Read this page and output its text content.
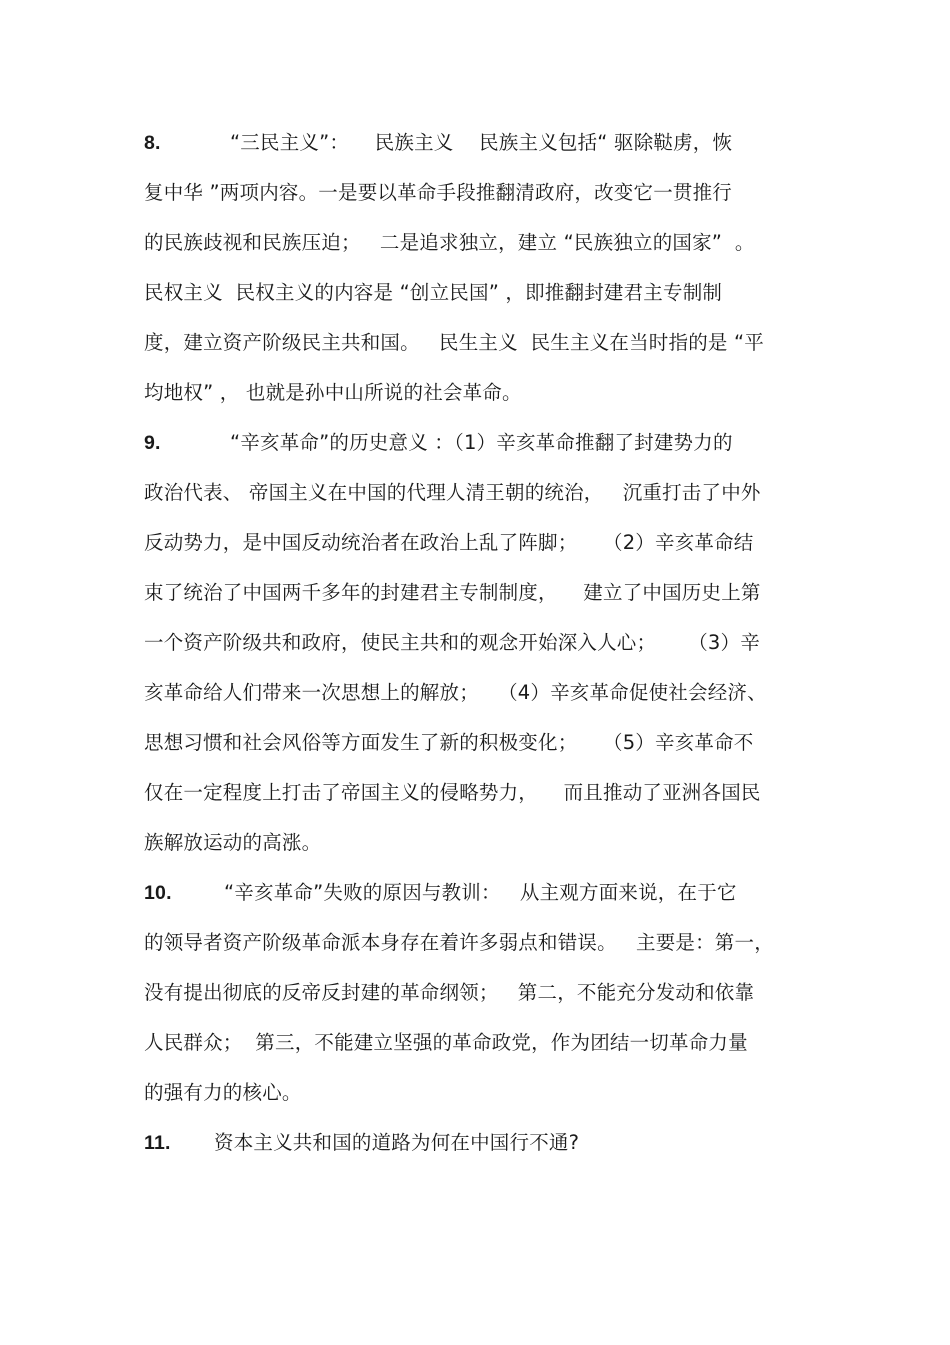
8.	“三民主义”：    民族主义    民族主义包括“ 驱除鞑虏，恢
复中华 ”两项内容。一是要以革命手段推翻清政府，改变它一贯推行
的民族歧视和民族压迫；   二是追求独立，建立 “民族独立的国家”  。
民权主义  民权主义的内容是 “创立民国” ，即推翻封建君主专制制
度，建立资产阶级民主共和国。   民生主义  民生主义在当时指的是 “平
均地权” ， 也就是孙中山所说的社会革命。
9.	“辛亥革命”的历史意义 ：（1）辛亥革命推翻了封建势力的
政治代表、 帝国主义在中国的代理人清王朝的统治，   沉重打击了中外
反动势力，是中国反动统治者在政治上乱了阵脚；    （2）辛亥革命结
束了统治了中国两千多年的封建君主专制制度，    建立了中国历史上第
一个资产阶级共和政府，使民主共和的观念开始深入人心；     （3）辛
亥革命给人们带来一次思想上的解放；   （4）辛亥革命促使社会经济、
思想习惯和社会风俗等方面发生了新的积极变化；    （5）辛亥革命不
仅在一定程度上打击了帝国主义的侵略势力，    而且推动了亚洲各国民
族解放运动的高涨。
10.	“辛亥革命”失败的原因与教训：   从主观方面来说，在于它
的领导者资产阶级革命派本身存在着许多弱点和错误。   主要是：第一，
没有提出彻底的反帝反封建的革命纲领；   第二，不能充分发动和依靠
人民群众；  第三，不能建立坚强的革命政党，作为团结一切革命力量
的强有力的核心。
11. 资本主义共和国的道路为何在中国行不通?
